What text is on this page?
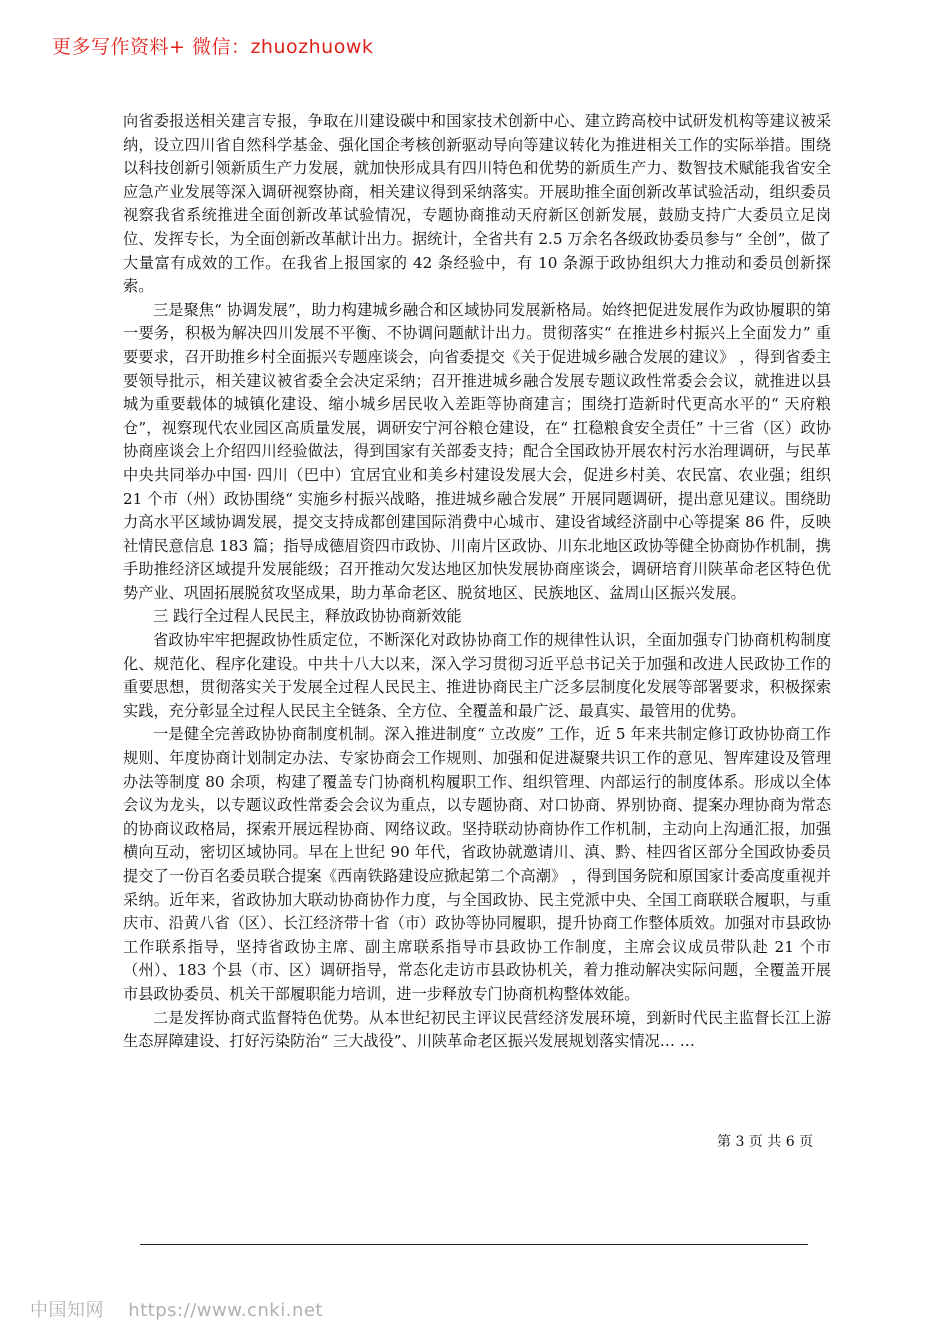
更多写作资料+ 微信：zhuozhuowk

向省委报送相关建言专报，争取在川建设碳中和国家技术创新中心、建立跨高校中试研发机构等建议被采纳，设立四川省自然科学基金、强化国企考核创新驱动导向等建议转化为推进相关工作的实际举措。围绕以科技创新引领新质生产力发展，就加快形成具有四川特色和优势的新质生产力、数智技术赋能我省安全应急产业发展等深入调研视察协商，相关建议得到采纳落实。开展助推全面创新改革试验活动，组织委员视察我省系统推进全面创新改革试验情况，专题协商推动天府新区创新发展，鼓励支持广大委员立足岗位、发挥专长，为全面创新改革献计出力。据统计，全省共有 2.5 万余名各级政协委员参与“ 全创”，做了大量富有成效的工作。在我省上报国家的 42 条经验中，有 10 条源于政协组织大力推动和委员创新探索。

三是聚焦“ 协调发展”，助力构建城乡融合和区域协同发展新格局。始终把促进发展作为政协履职的第一要务，积极为解决四川发展不平衡、不协调问题献计出力。贯彻落实“ 在推进乡村振兴上全面发力” 重要要求，召开助推乡村全面振兴专题座谈会，向省委提交《关于促进城乡融合发展的建议》 ，得到省委主要领导批示，相关建议被省委全会决定采纳；召开推进城乡融合发展专题议政性常委会会议，就推进以县城为重要载体的城镇化建设、缩小城乡居民收入差距等协商建言；围绕打造新时代更高水平的“ 天府粮仓”，视察现代农业园区高质量发展，调研安宁河谷粮仓建设，在“ 扛稳粮食安全责任” 十三省（区）政协协商座谈会上介绍四川经验做法，得到国家有关部委支持；配合全国政协开展农村污水治理调研，与民革中央共同举办中国· 四川（巴中）宜居宜业和美乡村建设发展大会，促进乡村美、农民富、农业强；组织 21 个市（州）政协围绕“ 实施乡村振兴战略，推进城乡融合发展” 开展同题调研，提出意见建议。围绕助力高水平区域协调发展，提交支持成都创建国际消费中心城市、建设省域经济副中心等提案 86 件，反映社情民意信息 183 篇；指导成德眉资四市政协、川南片区政协、川东北地区政协等健全协商协作机制，携手助推经济区域提升发展能级；召开推动欠发达地区加快发展协商座谈会，调研培育川陕革命老区特色优势产业、巩固拓展脱贫攻坚成果，助力革命老区、脱贫地区、民族地区、盆周山区振兴发展。

三 践行全过程人民民主，释放政协协商新效能

省政协牢牢把握政协性质定位，不断深化对政协协商工作的规律性认识，全面加强专门协商机构制度化、规范化、程序化建设。中共十八大以来，深入学习贯彻习近平总书记关于加强和改进人民政协工作的重要思想，贯彻落实关于发展全过程人民民主、推进协商民主广泛多层制度化发展等部署要求，积极探索实践，充分彰显全过程人民民主全链条、全方位、全覆盖和最广泛、最真实、最管用的优势。

一是健全完善政协协商制度机制。深入推进制度“ 立改废” 工作，近 5 年来共制定修订政协协商工作规则、年度协商计划制定办法、专家协商会工作规则、加强和促进凝聚共识工作的意见、智库建设及管理办法等制度 80 余项，构建了覆盖专门协商机构履职工作、组织管理、内部运行的制度体系。形成以全体会议为龙头，以专题议政性常委会会议为重点，以专题协商、对口协商、界别协商、提案办理协商为常态的协商议政格局，探索开展远程协商、网络议政。坚持联动协商协作工作机制，主动向上沟通汇报，加强横向互动，密切区域协同。早在上世纪 90 年代，省政协就邀请川、滇、黔、桂四省区部分全国政协委员提交了一份百名委员联合提案《西南铁路建设应掀起第二个高潮》 ，得到国务院和原国家计委高度重视并采纳。近年来，省政协加大联动协商协作力度，与全国政协、民主党派中央、全国工商联联合履职，与重庆市、沿黄八省（区）、长江经济带十省（市）政协等协同履职，提升协商工作整体质效。加强对市县政协工作联系指导，坚持省政协主席、副主席联系指导市县政协工作制度，主席会议成员带队赴 21 个市（州）、183 个县（市、区）调研指导，常态化走访市县政协机关，着力推动解决实际问题，全覆盖开展市县政协委员、机关干部履职能力培训，进一步释放专门协商机构整体效能。

二是发挥协商式监督特色优势。从本世纪初民主评议民营经济发展环境，到新时代民主监督长江上游生态屏障建设、打好污染防治“ 三大战役”、川陕革命老区振兴发展规划落实情况… …

第 3 页 共 6 页
中国知网 https://www.cnki.net
